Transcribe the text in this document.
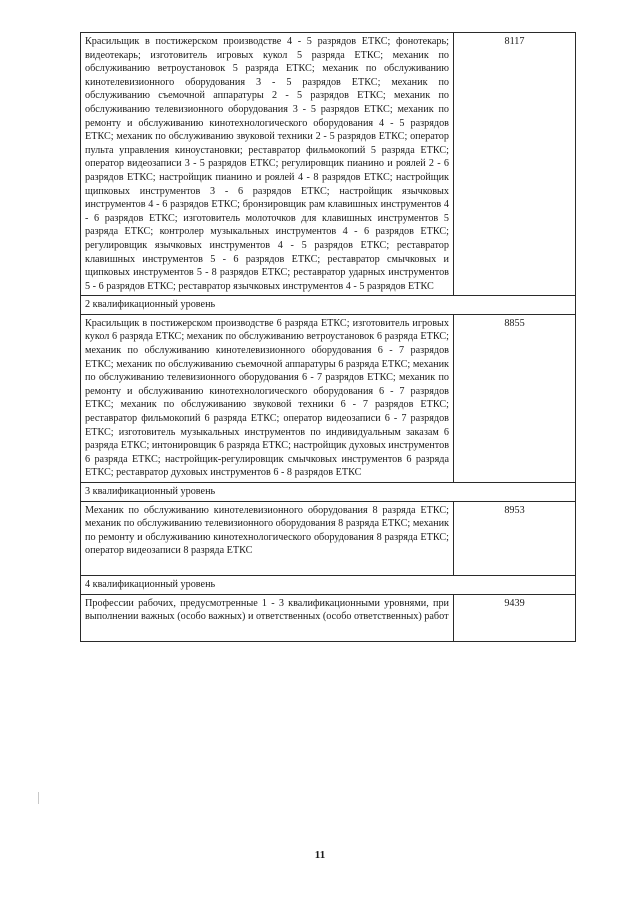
Красильщик в постижерском производстве 4 - 5 разрядов ЕТКС; фонотекарь; видеотекарь; изготовитель игровых кукол 5 разряда ЕТКС; механик по обслуживанию ветроустановок 5 разряда ЕТКС; механик по обслуживанию кинотелевизионного оборудования 3 - 5 разрядов ЕТКС; механик по обслуживанию съемочной аппаратуры 2 - 5 разрядов ЕТКС; механик по обслуживанию телевизионного оборудования 3 - 5 разрядов ЕТКС; механик по ремонту и обслуживанию кинотехнологического оборудования 4 - 5 разрядов ЕТКС; механик по обслуживанию звуковой техники 2 - 5 разрядов ЕТКС; оператор пульта управления киноустановки; реставратор фильмокопий 5 разряда ЕТКС; оператор видеозаписи 3 - 5 разрядов ЕТКС; регулировщик пианино и роялей 2 - 6 разрядов ЕТКС; настройщик пианино и роялей 4 - 8 разрядов ЕТКС; настройщик щипковых инструментов 3 - 6 разрядов ЕТКС; настройщик язычковых инструментов 4 - 6 разрядов ЕТКС; бронзировщик рам клавишных инструментов 4 - 6 разрядов ЕТКС; изготовитель молоточков для клавишных инструментов 5 разряда ЕТКС; контролер музыкальных инструментов 4 - 6 разрядов ЕТКС; регулировщик язычковых инструментов 4 - 5 разрядов ЕТКС; реставратор клавишных инструментов 5 - 6 разрядов ЕТКС; реставратор смычковых и щипковых инструментов 5 - 8 разрядов ЕТКС; реставратор ударных инструментов 5 - 6 разрядов ЕТКС; реставратор язычковых инструментов 4 - 5 разрядов ЕТКС	8117
2 квалификационный уровень	
Красильщик в постижерском производстве 6 разряда ЕТКС; изготовитель игровых кукол 6 разряда ЕТКС; механик по обслуживанию ветроустановок 6 разряда ЕТКС; механик по обслуживанию кинотелевизионного оборудования 6 - 7 разрядов ЕТКС; механик по обслуживанию съемочной аппаратуры 6 разряда ЕТКС; механик по обслуживанию телевизионного оборудования 6 - 7 разрядов ЕТКС; механик по ремонту и обслуживанию кинотехнологического оборудования 6 - 7 разрядов ЕТКС; механик по обслуживанию звуковой техники 6 - 7 разрядов ЕТКС; реставратор фильмокопий 6 разряда ЕТКС; оператор видеозаписи 6 - 7 разрядов ЕТКС; изготовитель музыкальных инструментов по индивидуальным заказам 6 разряда ЕТКС; интонировщик 6 разряда ЕТКС; настройщик духовых инструментов 6 разряда ЕТКС; настройщик-регулировщик смычковых инструментов 6 разряда ЕТКС; реставратор духовых инструментов 6 - 8 разрядов ЕТКС	8855
3 квалификационный уровень	
Механик по обслуживанию кинотелевизионного оборудования 8 разряда ЕТКС; механик по обслуживанию телевизионного оборудования 8 разряда ЕТКС; механик по ремонту и обслуживанию кинотехнологического оборудования 8 разряда ЕТКС; оператор видеозаписи 8 разряда ЕТКС	8953
4 квалификационный уровень	
Профессии рабочих, предусмотренные 1 - 3 квалификационными уровнями, при выполнении важных (особо важных) и ответственных (особо ответственных) работ	9439
11
